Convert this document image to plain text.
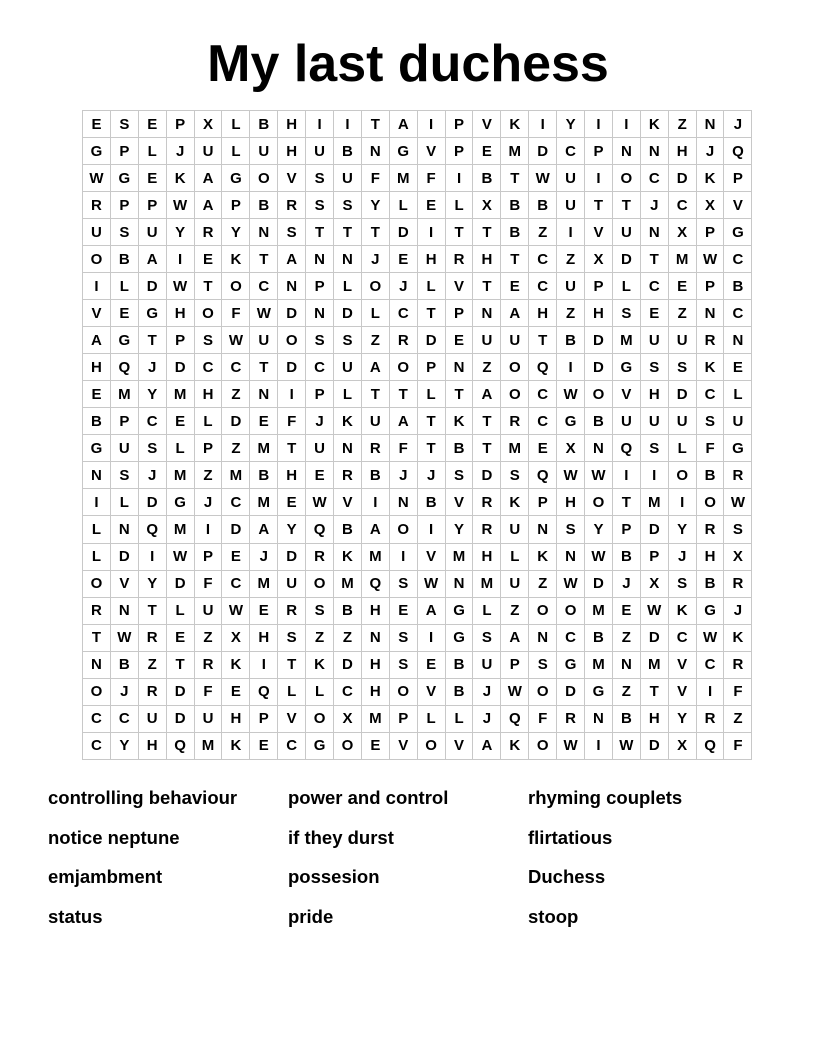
My last duchess
E	S	E	P	X	L	B	H	I	I	T	A	I	P	V	K	I	Y	I	I	K	Z	N	J
G	P	L	J	U	L	U	H	U	B	N	G	V	P	E	M	D	C	P	N	N	H	J	Q
W	G	E	K	A	G	O	V	S	U	F	M	F	I	B	T	W	U	I	O	C	D	K	P
R	P	P	W	A	P	B	R	S	S	Y	L	E	L	X	B	B	U	T	T	J	C	X	V
U	S	U	Y	R	Y	N	S	T	T	T	D	I	T	T	B	Z	I	V	U	N	X	P	G
O	B	A	I	E	K	T	A	N	N	J	E	H	R	H	T	C	Z	X	D	T	M	W	C
I	L	D	W	T	O	C	N	P	L	O	J	L	V	T	E	C	U	P	L	C	E	P	B
V	E	G	H	O	F	W	D	N	D	L	C	T	P	N	A	H	Z	H	S	E	Z	N	C
A	G	T	P	S	W	U	O	S	S	Z	R	D	E	U	U	T	B	D	M	U	U	R	N
H	Q	J	D	C	C	T	D	C	U	A	O	P	N	Z	O	Q	I	D	G	S	S	K	E
E	M	Y	M	H	Z	N	I	P	L	T	T	L	T	A	O	C	W	O	V	H	D	C	L
B	P	C	E	L	D	E	F	J	K	U	A	T	K	T	R	C	G	B	U	U	U	S	U
G	U	S	L	P	Z	M	T	U	N	R	F	T	B	T	M	E	X	N	Q	S	L	F	G
N	S	J	M	Z	M	B	H	E	R	B	J	J	S	D	S	Q	W	W	I	I	O	B	R
I	L	D	G	J	C	M	E	W	V	I	N	B	V	R	K	P	H	O	T	M	I	O	W
L	N	Q	M	I	D	A	Y	Q	B	A	O	I	Y	R	U	N	S	Y	P	D	Y	R	S
L	D	I	W	P	E	J	D	R	K	M	I	V	M	H	L	K	N	W	B	P	J	H	X
O	V	Y	D	F	C	M	U	O	M	Q	S	W	N	M	U	Z	W	D	J	X	S	B	R
R	N	T	L	U	W	E	R	S	B	H	E	A	G	L	Z	O	O	M	E	W	K	G	J
T	W	R	E	Z	X	H	S	Z	Z	N	S	I	G	S	A	N	C	B	Z	D	C	W	K
N	B	Z	T	R	K	I	T	K	D	H	S	E	B	U	P	S	G	M	N	M	V	C	R
O	J	R	D	F	E	Q	L	L	C	H	O	V	B	J	W	O	D	G	Z	T	V	I	F
C	C	U	D	U	H	P	V	O	X	M	P	L	L	J	Q	F	R	N	B	H	Y	R	Z
C	Y	H	Q	M	K	E	C	G	O	E	V	O	V	A	K	O	W	I	W	D	X	Q	F
controlling behaviour	power and control	rhyming couplets
notice neptune	if they durst	flirtatious
emjambment	possesion	Duchess
status	pride	stoop
